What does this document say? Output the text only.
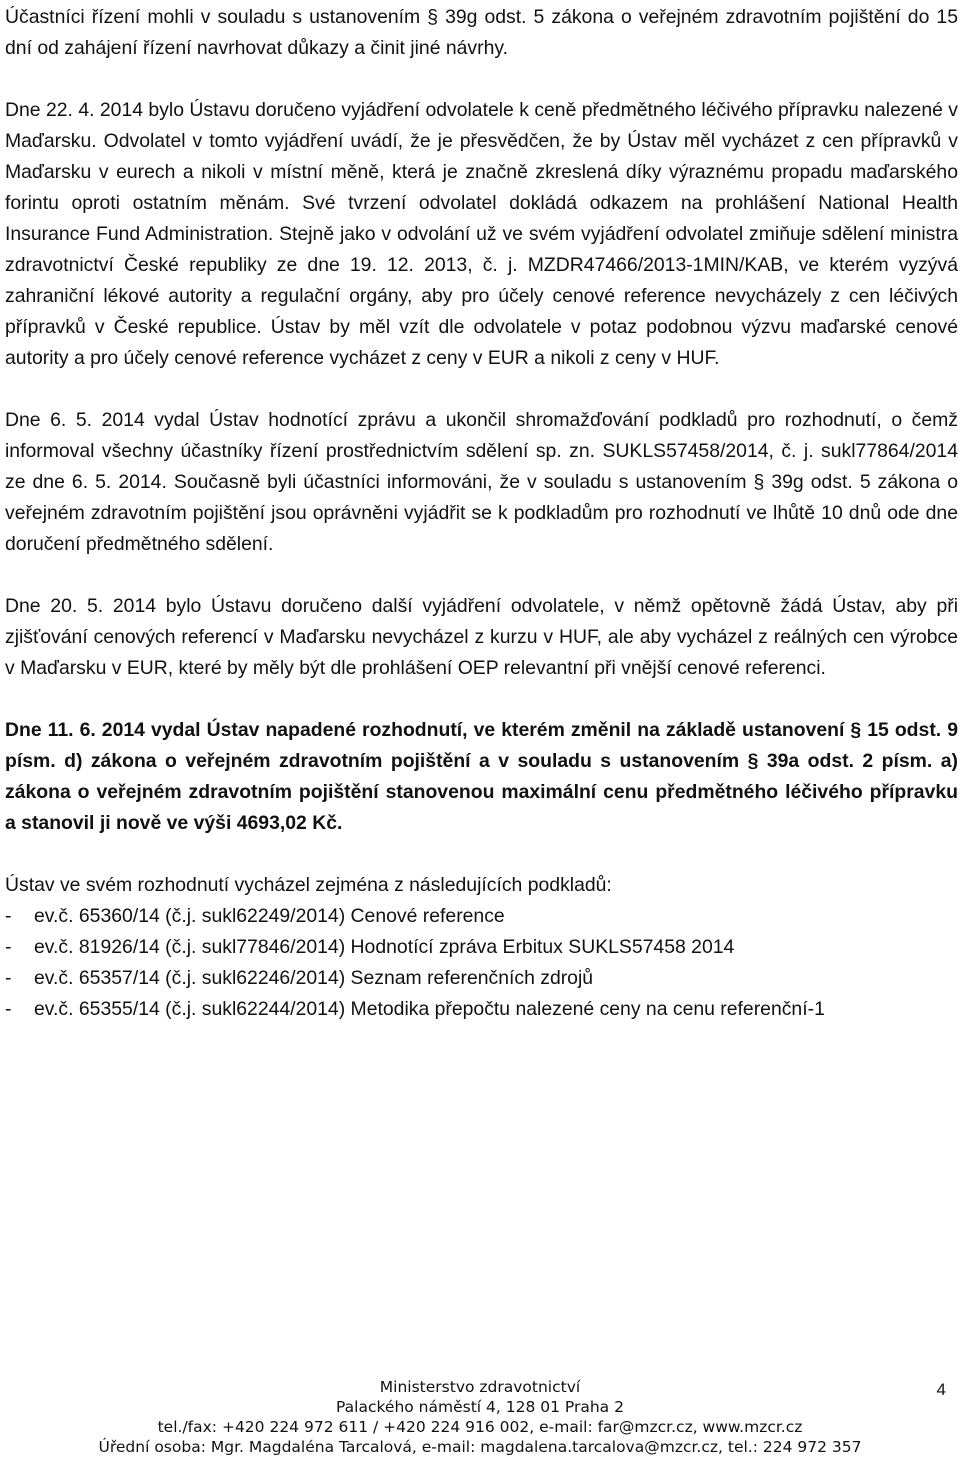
Účastníci řízení mohli v souladu s ustanovením § 39g odst. 5 zákona o veřejném zdravotním pojištění do 15 dní od zahájení řízení navrhovat důkazy a činit jiné návrhy.

Dne 22. 4. 2014 bylo Ústavu doručeno vyjádření odvolatele k ceně předmětného léčivého přípravku nalezené v Maďarsku. Odvolatel v tomto vyjádření uvádí, že je přesvědčen, že by Ústav měl vycházet z cen přípravků v Maďarsku v eurech a nikoli v místní měně, která je značně zkreslená díky výraznému propadu maďarského forintu oproti ostatním měnám. Své tvrzení odvolatel dokládá odkazem na prohlášení National Health Insurance Fund Administration. Stejně jako v odvolání už ve svém vyjádření odvolatel zmiňuje sdělení ministra zdravotnictví České republiky ze dne 19. 12. 2013, č. j. MZDR47466/2013-1MIN/KAB, ve kterém vyzývá zahraniční lékové autority a regulační orgány, aby pro účely cenové reference nevycházely z cen léčivých přípravků v České republice. Ústav by měl vzít dle odvolatele v potaz podobnou výzvu maďarské cenové autority a pro účely cenové reference vycházet z ceny v EUR a nikoli z ceny v HUF.

Dne 6. 5. 2014 vydal Ústav hodnotící zprávu a ukončil shromažďování podkladů pro rozhodnutí, o čemž informoval všechny účastníky řízení prostřednictvím sdělení sp. zn. SUKLS57458/2014, č. j. sukl77864/2014 ze dne 6. 5. 2014. Současně byli účastníci informováni, že v souladu s ustanovením § 39g odst. 5 zákona o veřejném zdravotním pojištění jsou oprávněni vyjádřit se k podkladům pro rozhodnutí ve lhůtě 10 dnů ode dne doručení předmětného sdělení.

Dne 20. 5. 2014 bylo Ústavu doručeno další vyjádření odvolatele, v němž opětovně žádá Ústav, aby při zjišťování cenových referencí v Maďarsku nevycházel z kurzu v HUF, ale aby vycházel z reálných cen výrobce v Maďarsku v EUR, které by měly být dle prohlášení OEP relevantní při vnější cenové referenci.

Dne 11. 6. 2014 vydal Ústav napadené rozhodnutí, ve kterém změnil na základě ustanovení § 15 odst. 9 písm. d) zákona o veřejném zdravotním pojištění a v souladu s ustanovením § 39a odst. 2 písm. a) zákona o veřejném zdravotním pojištění stanovenou maximální cenu předmětného léčivého přípravku a stanovil ji nově ve výši 4693,02 Kč.

Ústav ve svém rozhodnutí vycházel zejména z následujících podkladů:

-	ev.č. 65360/14 (č.j. sukl62249/2014) Cenové reference
-	ev.č. 81926/14 (č.j. sukl77846/2014) Hodnotící zpráva Erbitux SUKLS57458 2014
-	ev.č. 65357/14 (č.j. sukl62246/2014) Seznam referenčních zdrojů
-	ev.č. 65355/14 (č.j. sukl62244/2014) Metodika přepočtu nalezené ceny na cenu referenční-1
Ministerstvo zdravotnictví
Palackého náměstí 4, 128 01 Praha 2
tel./fax: +420 224 972 611 / +420 224 916 002, e-mail: far@mzcr.cz, www.mzcr.cz
Úřední osoba: Mgr. Magdaléna Tarcalová, e-mail: magdalena.tarcalova@mzcr.cz, tel.: 224 972 357
4
